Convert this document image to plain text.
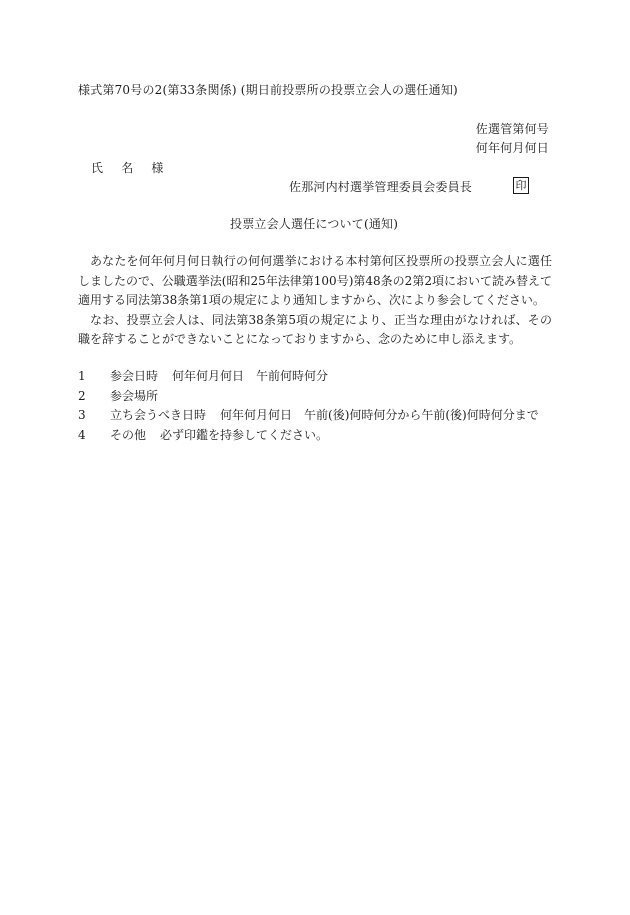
様式第70号の2(第33条関係) (期日前投票所の投票立会人の選任通知)
佐選管第何号
何年何月何日
氏 名 様
佐那河内村選挙管理委員会委員長	印
投票立会人選任について(通知)

あなたを何年何月何日執行の何何選挙における本村第何区投票所の投票立会人に選任しましたので、公職選挙法(昭和25年法律第100号)第48条の2第2項において読み替えて適用する同法第38条第1項の規定により通知しますから、次により参会してください。

なお、投票立会人は、同法第38条第5項の規定により、正当な理由がなければ、その職を辞することができないことになっておりますから、念のために申し添えます。

1 参会日時 何年何月何日　午前何時何分
2 参会場所
3 立ち会うべき日時 何年何月何日　午前(後)何時何分から午前(後)何時何分まで
4 その他 必ず印鑑を持参してください。
